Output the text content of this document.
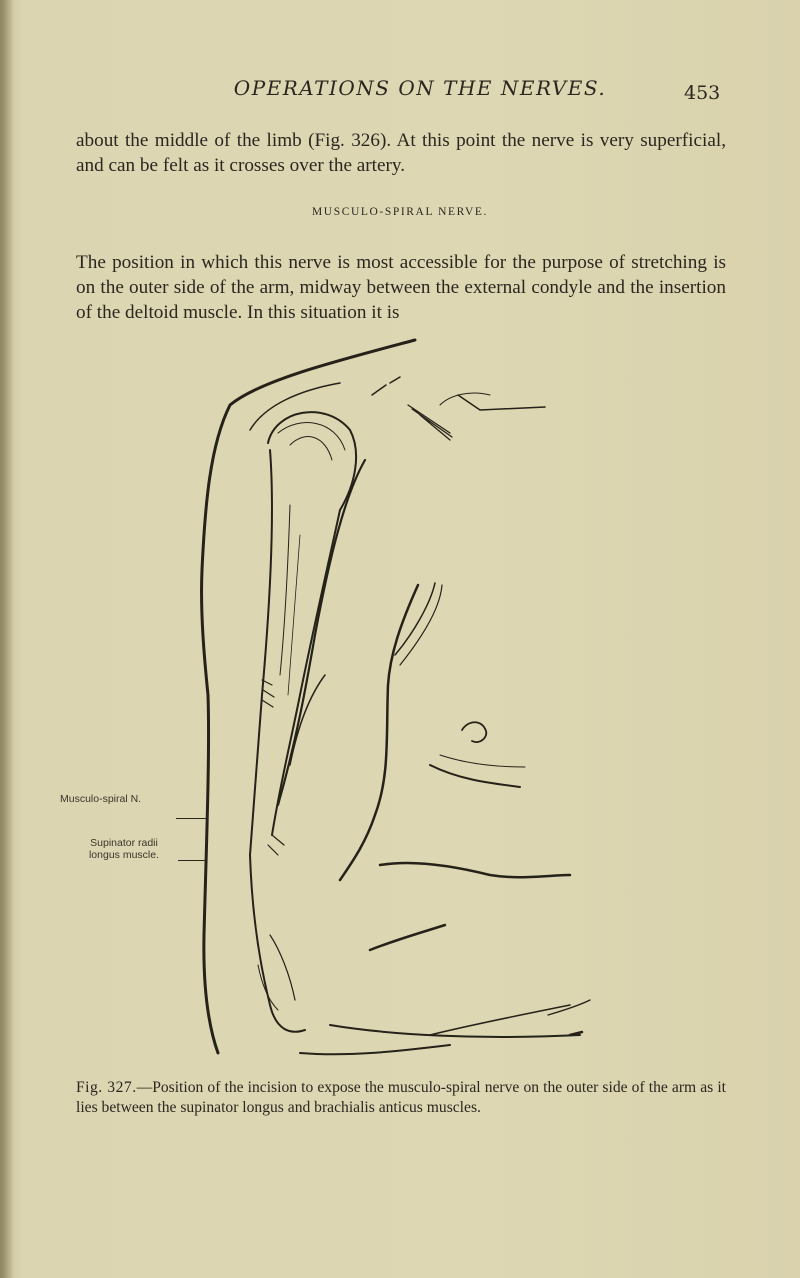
OPERATIONS ON THE NERVES.	453
about the middle of the limb (Fig. 326). At this point the nerve is very superficial, and can be felt as it crosses over the artery.
MUSCULO-SPIRAL NERVE.
The position in which this nerve is most accessible for the purpose of stretching is on the outer side of the arm, midway between the external condyle and the insertion of the deltoid muscle. In this situation it is
Musculo-spiral N.
Supinator radii
longus muscle.
Fig. 327.—Position of the incision to expose the musculo-spiral nerve on the outer side of the arm as it lies between the supinator longus and brachialis anticus muscles.
